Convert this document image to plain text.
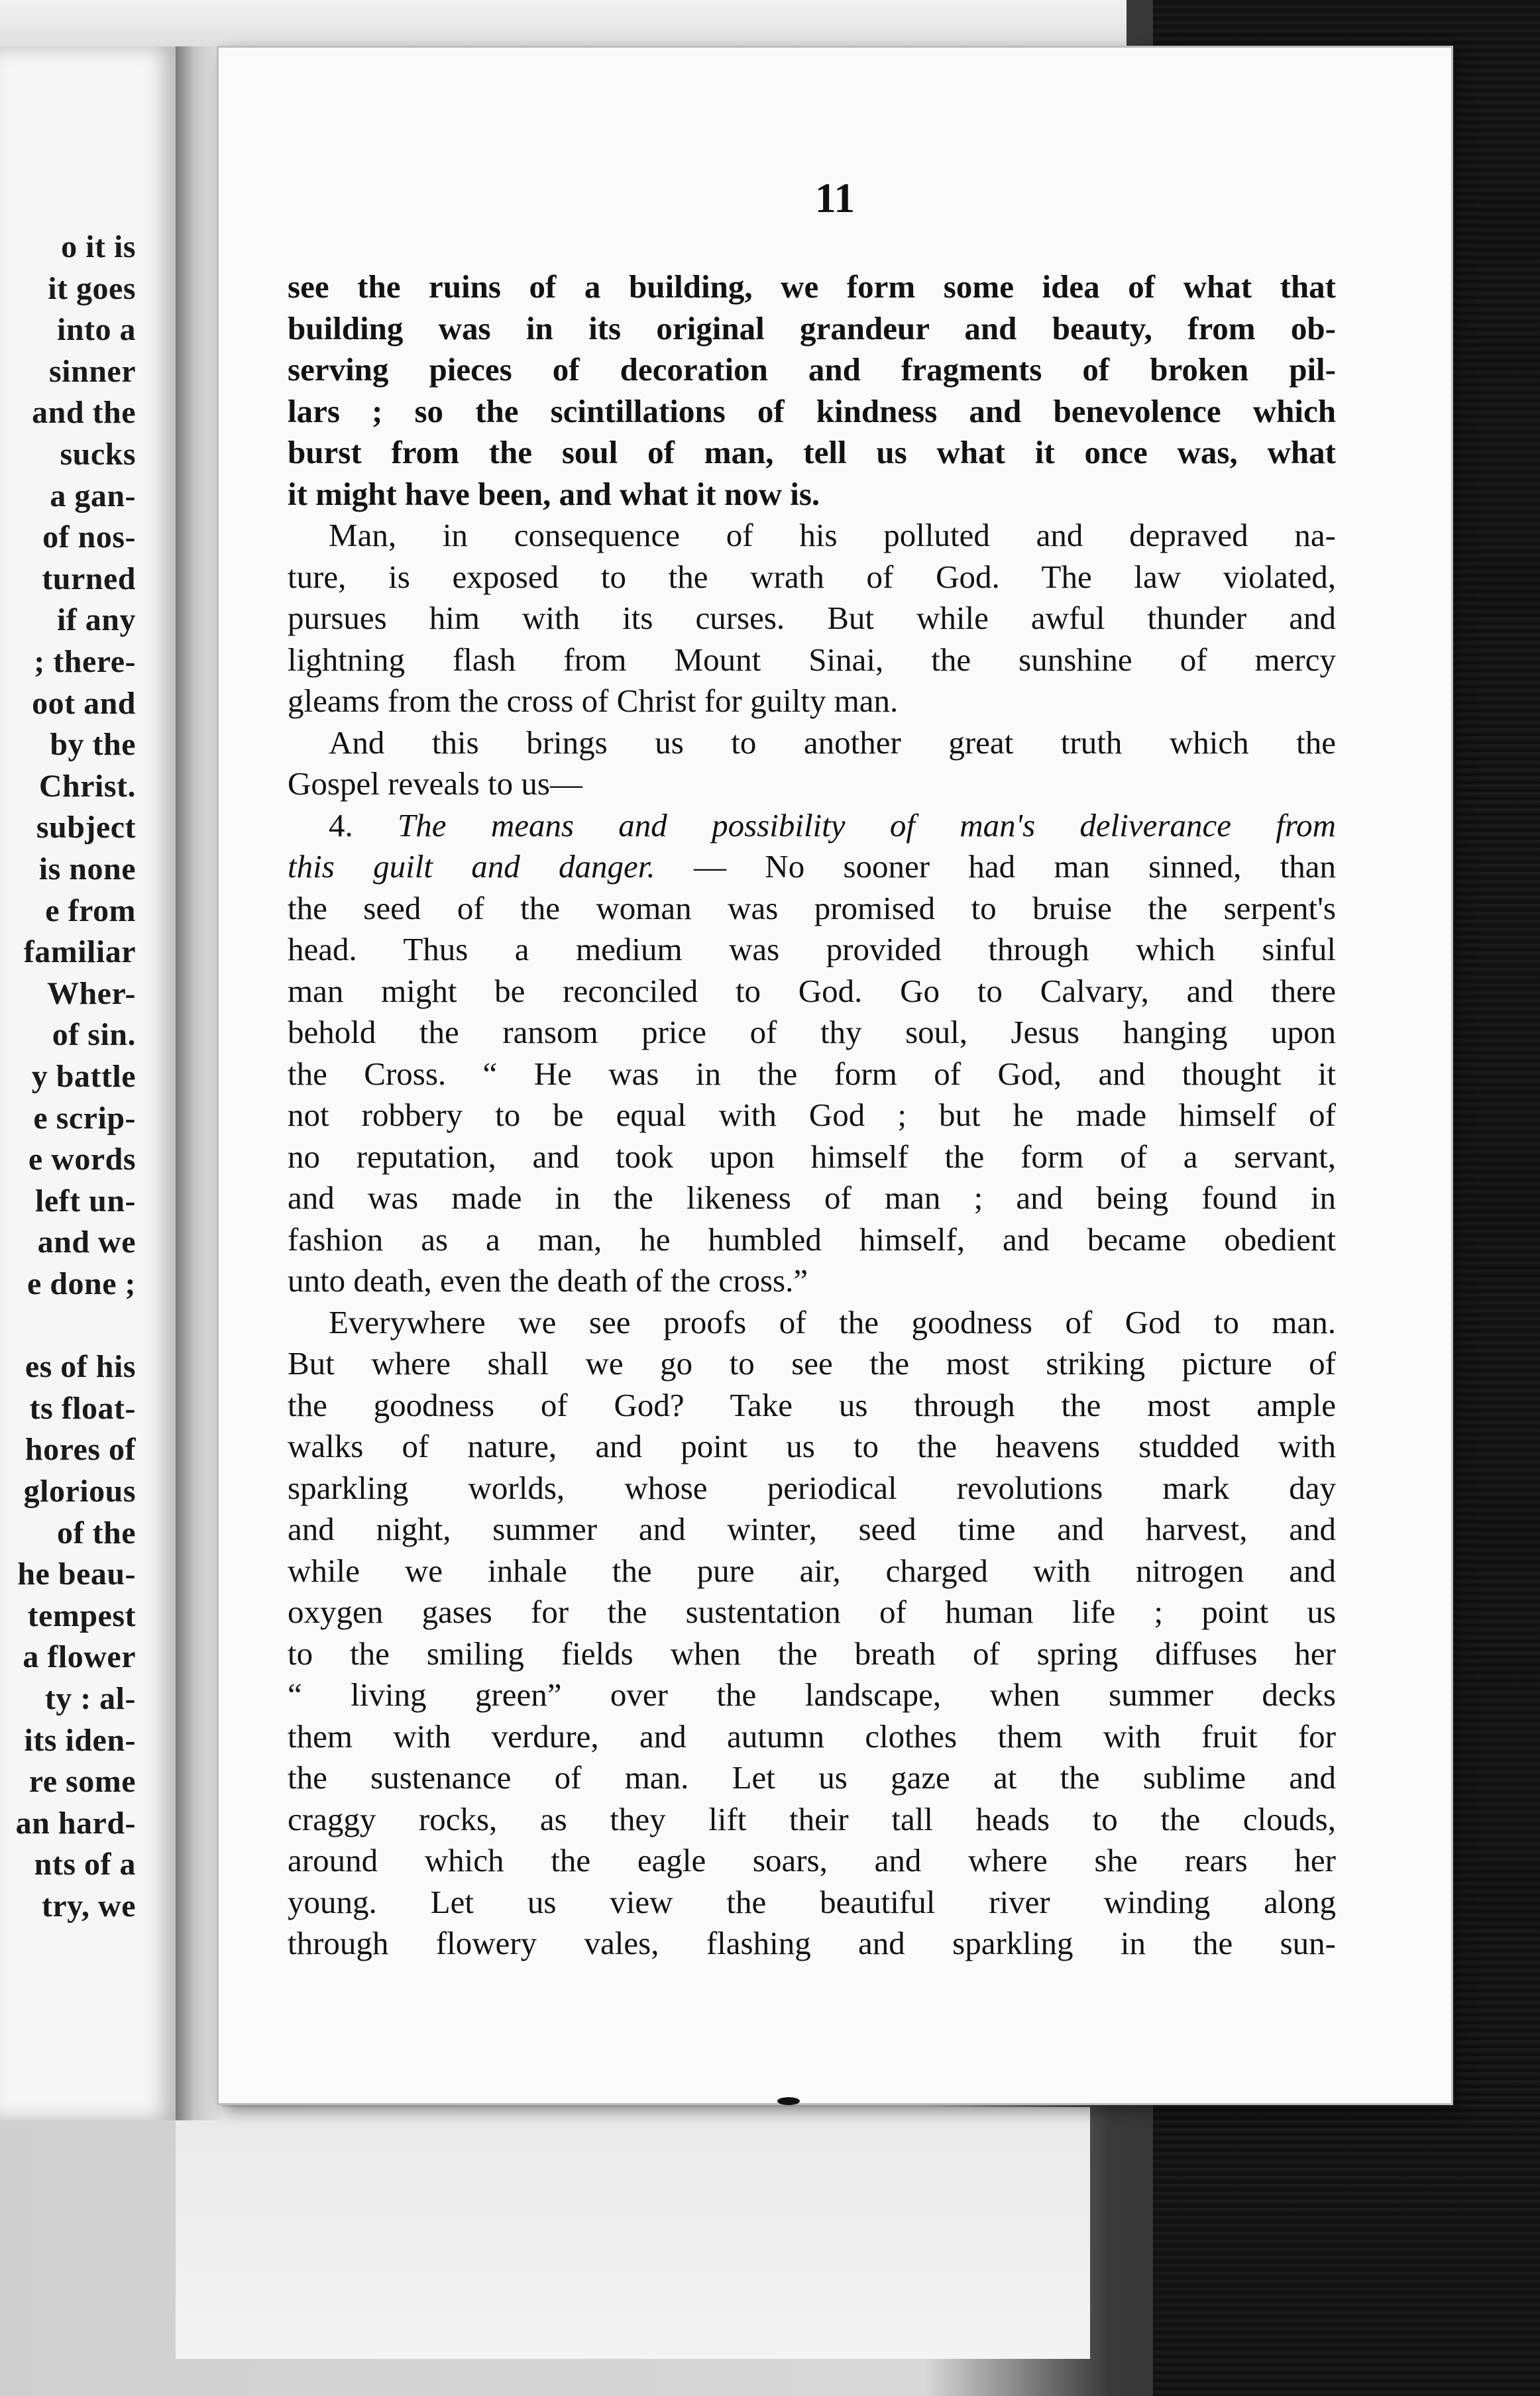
o it is
it goes
into a
sinner
and the
sucks
a gan-
of nos-
turned
if any
; there-
oot and
by the
Christ.
subject
is none
e from
familiar
Wher-
of sin.
y battle
e scrip-
e words
left un-
and we
e done ;
es of his
ts float-
hores of
glorious
of the
he beau-
tempest
a flower
ty : al-
its iden-
re some
an hard-
nts of a
try, we
11
see the ruins of a building, we form some idea of what that
building was in its original grandeur and beauty, from ob-
serving pieces of decoration and fragments of broken pil-
lars ; so the scintillations of kindness and benevolence which
burst from the soul of man, tell us what it once was, what
it might have been, and what it now is.
Man, in consequence of his polluted and depraved na-
ture, is exposed to the wrath of God. The law violated,
pursues him with its curses. But while awful thunder and
lightning flash from Mount Sinai, the sunshine of mercy
gleams from the cross of Christ for guilty man.
And this brings us to another great truth which the
Gospel reveals to us—
4. The means and possibility of man's deliverance from
this guilt and danger. — No sooner had man sinned, than
the seed of the woman was promised to bruise the serpent's
head. Thus a medium was provided through which sinful
man might be reconciled to God. Go to Calvary, and there
behold the ransom price of thy soul, Jesus hanging upon
the Cross. “ He was in the form of God, and thought it
not robbery to be equal with God ; but he made himself of
no reputation, and took upon himself the form of a servant,
and was made in the likeness of man ; and being found in
fashion as a man, he humbled himself, and became obedient
unto death, even the death of the cross.”
Everywhere we see proofs of the goodness of God to man.
But where shall we go to see the most striking picture of
the goodness of God? Take us through the most ample
walks of nature, and point us to the heavens studded with
sparkling worlds, whose periodical revolutions mark day
and night, summer and winter, seed time and harvest, and
while we inhale the pure air, charged with nitrogen and
oxygen gases for the sustentation of human life ; point us
to the smiling fields when the breath of spring diffuses her
“ living green” over the landscape, when summer decks
them with verdure, and autumn clothes them with fruit for
the sustenance of man. Let us gaze at the sublime and
craggy rocks, as they lift their tall heads to the clouds,
around which the eagle soars, and where she rears her
young. Let us view the beautiful river winding along
through flowery vales, flashing and sparkling in the sun-
